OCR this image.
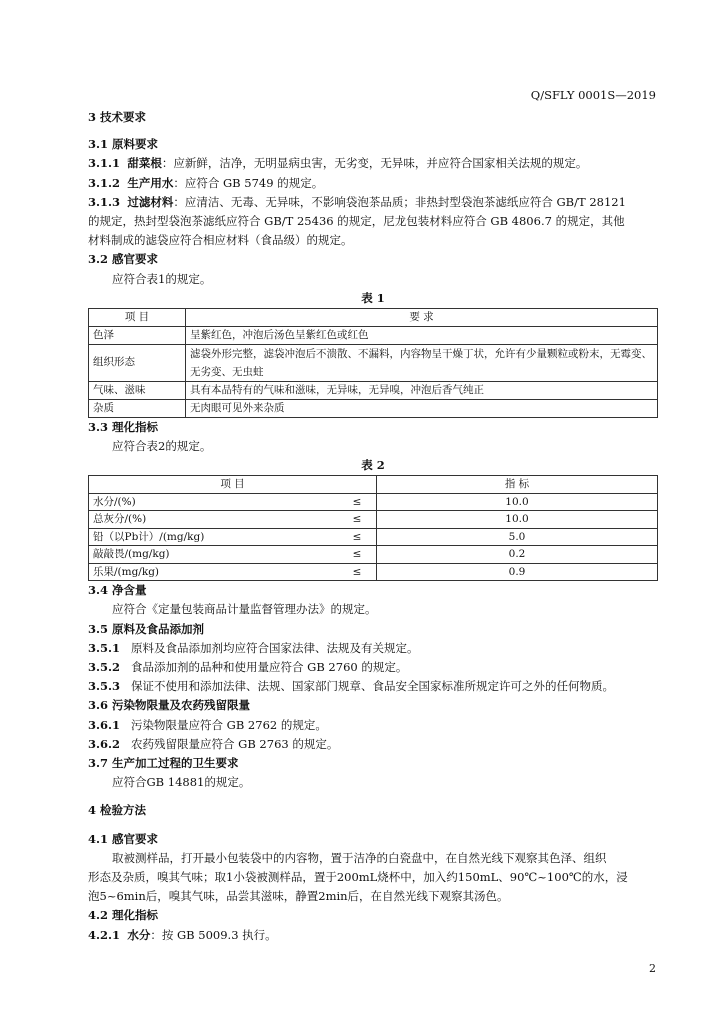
Q/SFLY 0001S—2019
3 技术要求
3.1 原料要求
3.1.1 甜菜根：应新鲜，洁净，无明显病虫害，无劣变，无异味，并应符合国家相关法规的规定。
3.1.2 生产用水：应符合 GB 5749 的规定。
3.1.3 过滤材料：应清洁、无毒、无异味，不影响袋泡茶品质；非热封型袋泡茶滤纸应符合 GB/T 28121
的规定，热封型袋泡茶滤纸应符合 GB/T 25436 的规定，尼龙包装材料应符合 GB 4806.7 的规定，其他
材料制成的滤袋应符合相应材料（食品级）的规定。
3.2 感官要求
应符合表1的规定。
表 1
项 目	要 求
色泽	呈紫红色，冲泡后汤色呈紫红色或红色
组织形态	滤袋外形完整，滤袋冲泡后不溃散、不漏料，内容物呈干燥丁状，允许有少量颗粒或粉末，无霉变、无劣变、无虫蛀
气味、滋味	具有本品特有的气味和滋味，无异味，无异嗅，冲泡后香气纯正
杂质	无肉眼可见外来杂质
3.3 理化指标
应符合表2的规定。
表 2
项 目		指 标
水分/(%)	≤	10.0
总灰分/(%)	≤	10.0
铅（以Pb计）/(mg/kg)	≤	5.0
敲敲畏/(mg/kg)	≤	0.2
乐果/(mg/kg)	≤	0.9
3.4 净含量
应符合《定量包装商品计量监督管理办法》的规定。
3.5 原料及食品添加剂
3.5.1 原料及食品添加剂均应符合国家法律、法规及有关规定。
3.5.2 食品添加剂的品种和使用量应符合 GB 2760 的规定。
3.5.3 保证不使用和添加法律、法规、国家部门规章、食品安全国家标准所规定许可之外的任何物质。
3.6 污染物限量及农药残留限量
3.6.1 污染物限量应符合 GB 2762 的规定。
3.6.2 农药残留限量应符合 GB 2763 的规定。
3.7 生产加工过程的卫生要求
应符合GB 14881的规定。
4 检验方法
4.1 感官要求
取被测样品，打开最小包装袋中的内容物，置于洁净的白瓷盘中，在自然光线下观察其色泽、组织
形态及杂质，嗅其气味；取1小袋被测样品，置于200mL烧杯中，加入约150mL、90℃~100℃的水，浸
泡5~6min后，嗅其气味，品尝其滋味，静置2min后，在自然光线下观察其汤色。
4.2 理化指标
4.2.1 水分：按 GB 5009.3 执行。
2
